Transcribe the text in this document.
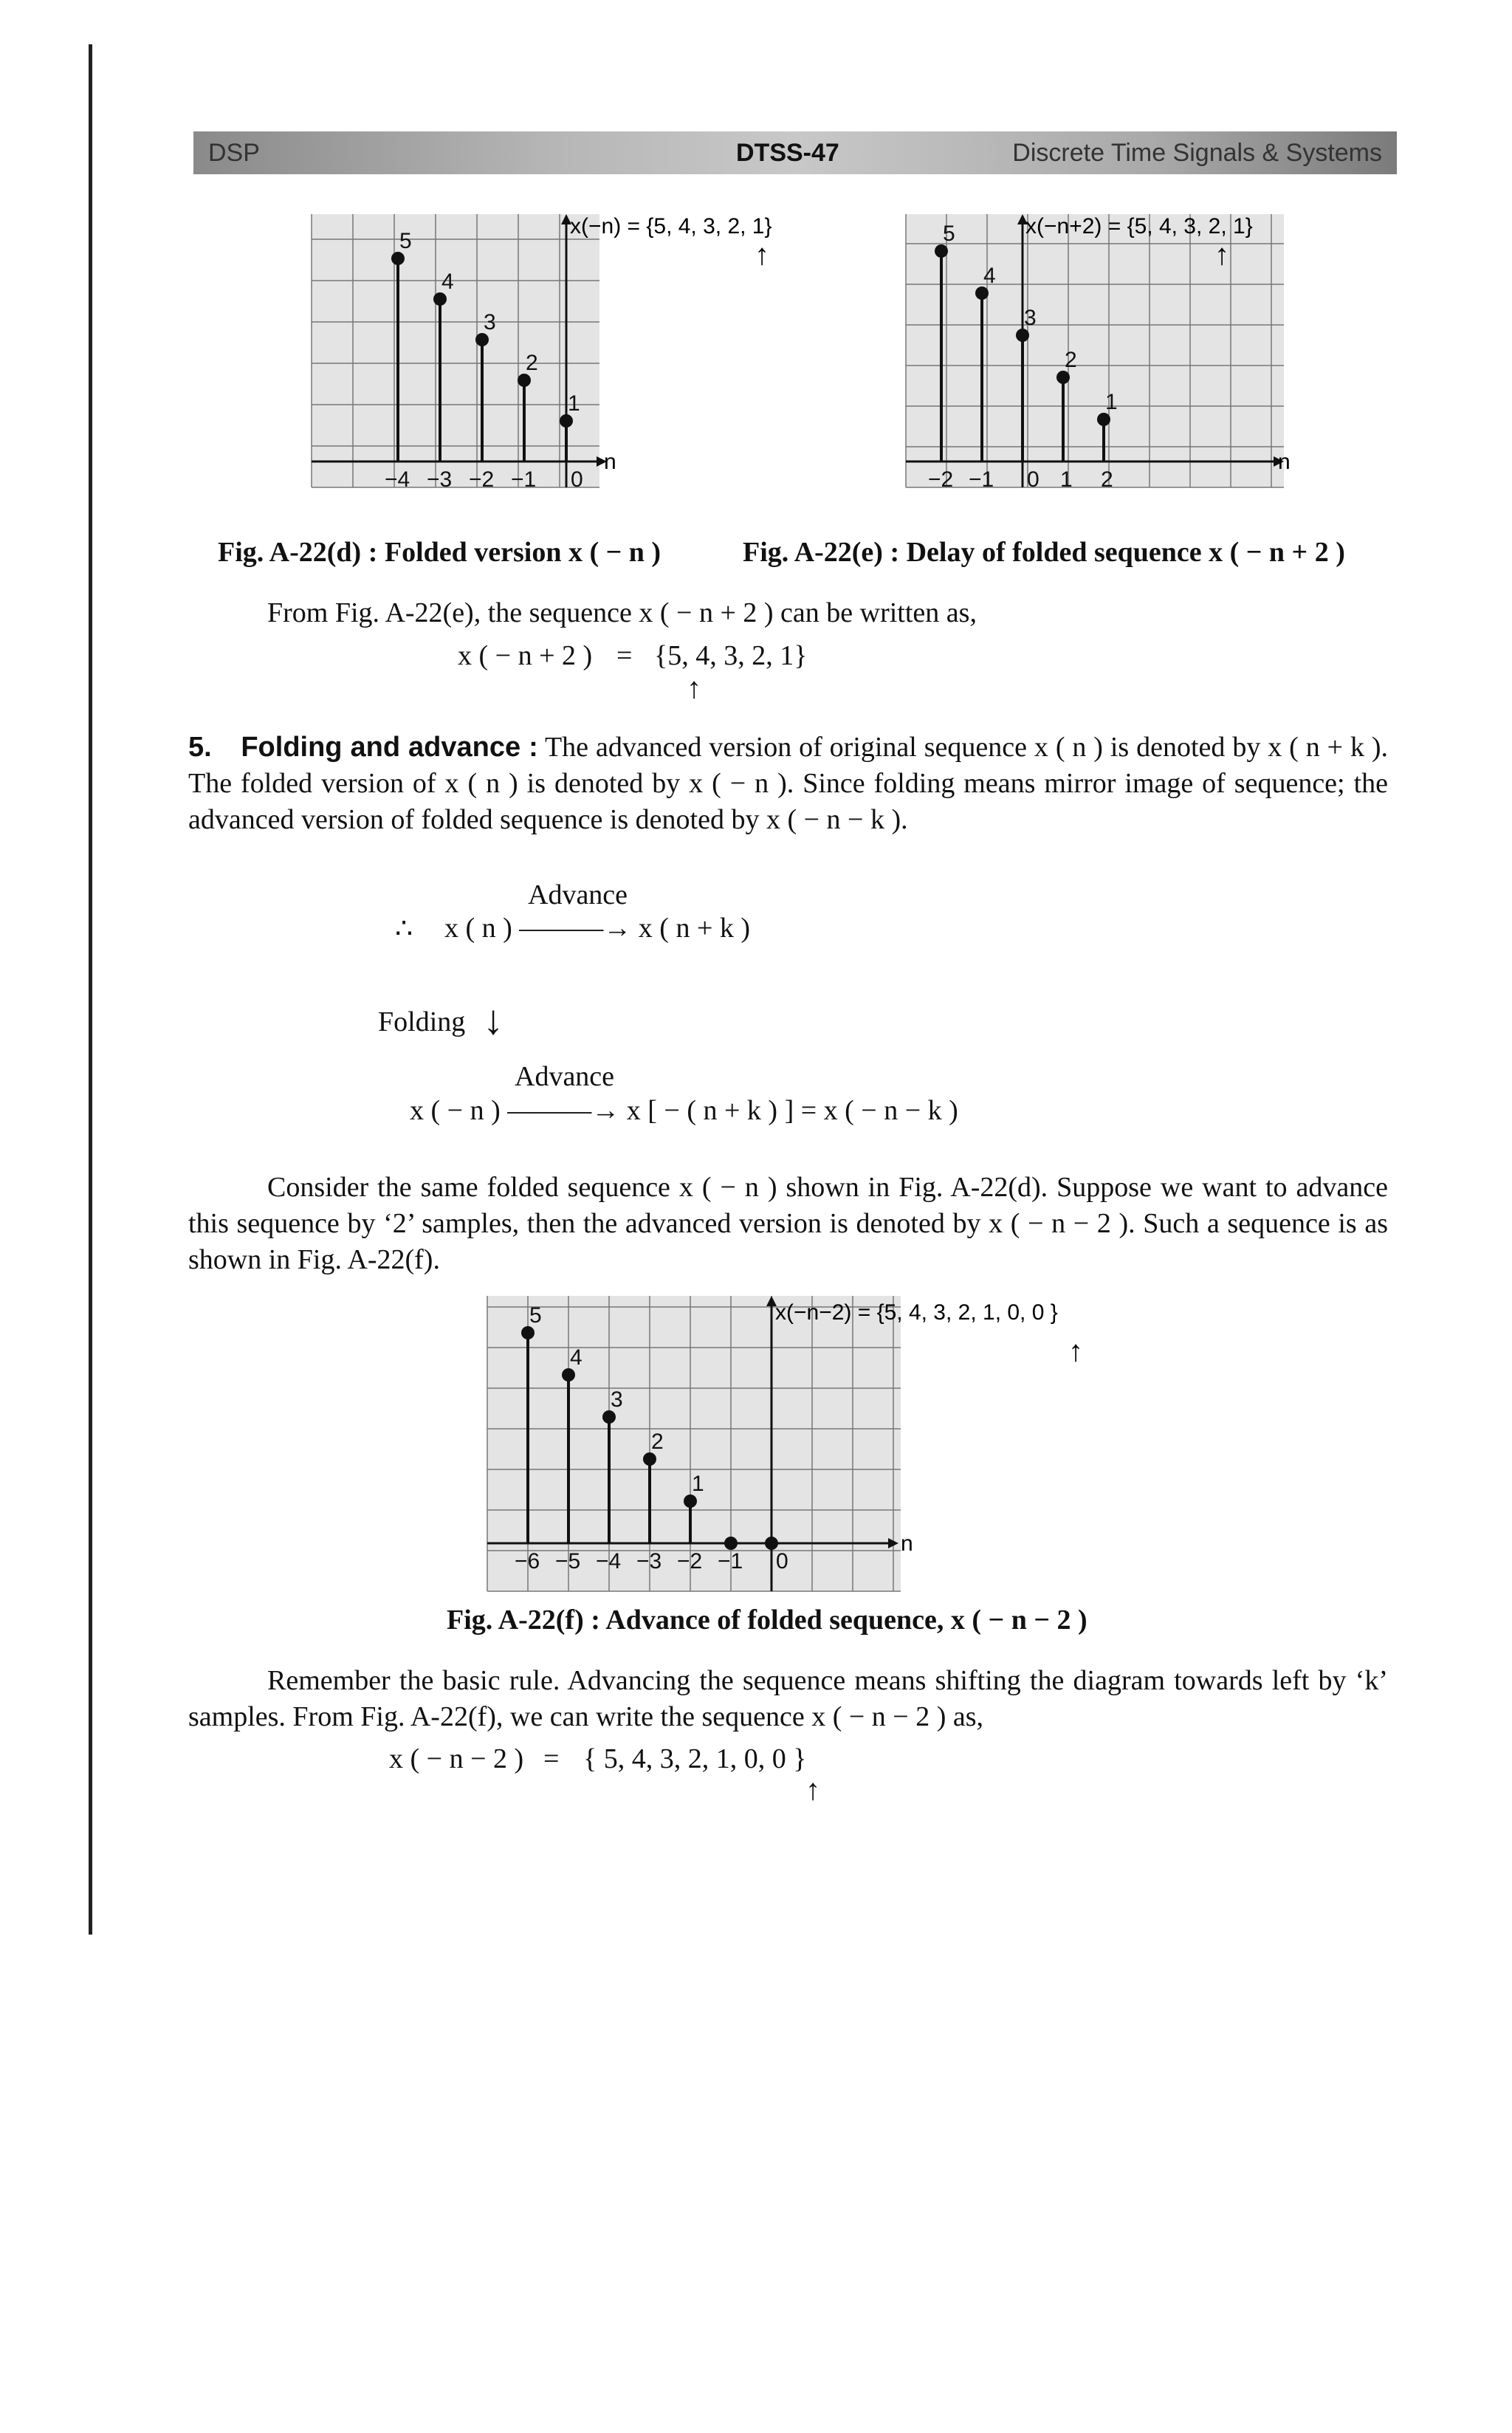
DSP	DTSS-47	Discrete Time Signals & Systems
n
x(−n) = {5, 4, 3, 2, 1}
↑
5
4
3
2
1
−4 −3 −2 −1 0
Fig. A-22(d) : Folded version x ( − n )
n
x(−n+2) = {5, 4, 3, 2, 1}
↑
5
4
3
2
1
−2 −1 0 1 2
Fig. A-22(e) : Delay of folded sequence x ( − n + 2 )
From Fig. A-22(e), the sequence x ( − n + 2 ) can be written as,
x ( − n + 2 ) = {5, 4, 3, 2, 1}
↑
5. Folding and advance : The advanced version of original sequence x ( n ) is denoted by x ( n + k ). The folded version of x ( n ) is denoted by x ( − n ). Since folding means mirror image of sequence; the advanced version of folded sequence is denoted by x ( − n − k ).
Advance
∴ x ( n ) ———→ x ( n + k )
Folding ↓
Advance
x ( − n ) ———→ x [ − ( n + k ) ] = x ( − n − k )
Consider the same folded sequence x ( − n ) shown in Fig. A-22(d). Suppose we want to advance this sequence by ‘2’ samples, then the advanced version is denoted by x ( − n − 2 ). Such a sequence is as shown in Fig. A-22(f).
n
x(−n−2) = {5, 4, 3, 2, 1, 0, 0 }
↑
5
4
3
2
1
−6 −5 −4 −3 −2 −1 0
Fig. A-22(f) : Advance of folded sequence, x ( − n − 2 )
Remember the basic rule. Advancing the sequence means shifting the diagram towards left by ‘k’ samples. From Fig. A-22(f), we can write the sequence x ( − n − 2 ) as,
x ( − n − 2 ) = { 5, 4, 3, 2, 1, 0, 0 }
↑
